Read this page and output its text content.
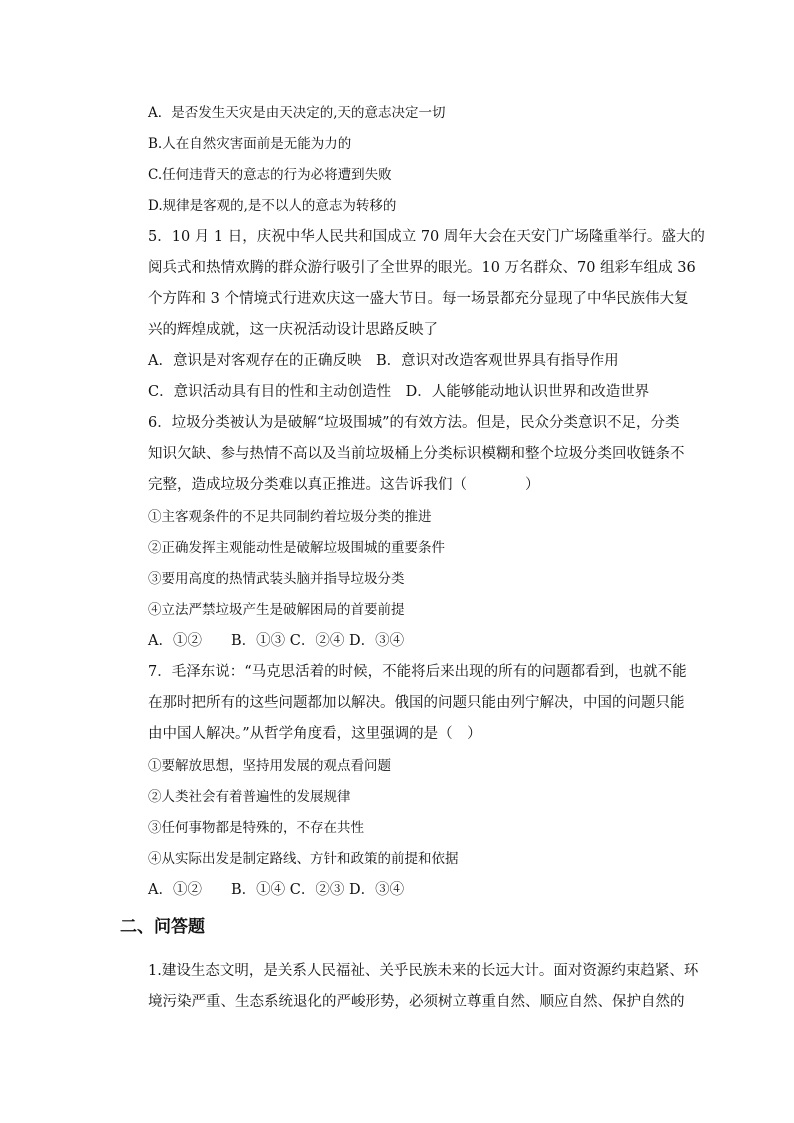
A．是否发生天灾是由天决定的,天的意志决定一切
B.人在自然灾害面前是无能为力的
C.任何违背天的意志的行为必将遭到失败
D.规律是客观的,是不以人的意志为转移的
5．10 月 1 日，庆祝中华人民共和国成立 70 周年大会在天安门广场隆重举行。盛大的
阅兵式和热情欢腾的群众游行吸引了全世界的眼光。10 万名群众、70 组彩车组成 36
个方阵和 3 个情境式行进欢庆这一盛大节日。每一场景都充分显现了中华民族伟大复
兴的辉煌成就，这一庆祝活动设计思路反映了
A．意识是对客观存在的正确反映　B．意识对改造客观世界具有指导作用
C．意识活动具有目的性和主动创造性　D．人能够能动地认识世界和改造世界
6．垃圾分类被认为是破解“垃圾围城”的有效方法。但是，民众分类意识不足，分类
知识欠缺、参与热情不高以及当前垃圾桶上分类标识模糊和整个垃圾分类回收链条不
完整，造成垃圾分类难以真正推进。这告诉我们（　　　　）
①主客观条件的不足共同制约着垃圾分类的推进
②正确发挥主观能动性是破解垃圾围城的重要条件
③要用高度的热情武装头脑并指导垃圾分类
④立法严禁垃圾产生是破解困局的首要前提
A．①②　　B．①③ C．②④ D．③④
7．毛泽东说：“马克思活着的时候，不能将后来出现的所有的问题都看到，也就不能
在那时把所有的这些问题都加以解决。俄国的问题只能由列宁解决，中国的问题只能
由中国人解决。”从哲学角度看，这里强调的是（　）
①要解放思想，坚持用发展的观点看问题
②人类社会有着普遍性的发展规律
③任何事物都是特殊的，不存在共性
④从实际出发是制定路线、方针和政策的前提和依据
A．①②　　B．①④ C．②③ D．③④
二、问答题
1.建设生态文明，是关系人民福祉、关乎民族未来的长远大计。面对资源约束趋紧、环
境污染严重、生态系统退化的严峻形势，必须树立尊重自然、顺应自然、保护自然的
